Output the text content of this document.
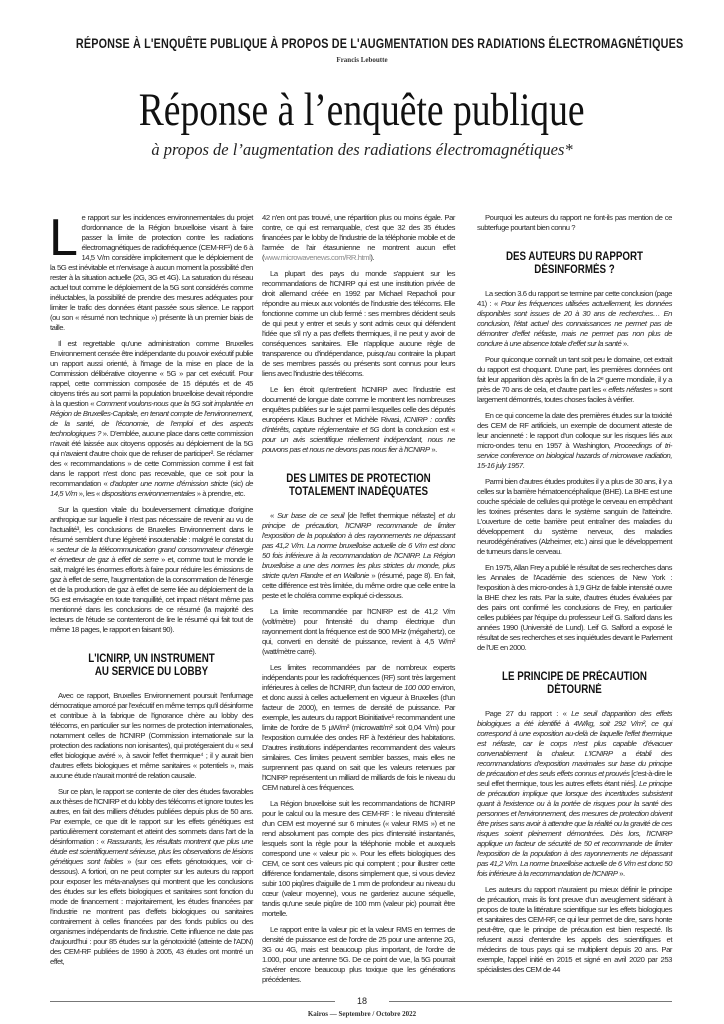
RÉPONSE À L'ENQUÊTE PUBLIQUE À PROPOS DE L'AUGMENTATION DES RADIATIONS ÉLECTROMAGNÉTIQUES
Francis Leboutte
Réponse à l’enquête publique
à propos de l’augmentation des radiations électromagnétiques*

Le rapport sur les incidences environnementales du projet d'ordonnance de la Région bruxelloise visant à faire passer la limite de protection contre les radiations électromagnétiques de radiofréquence (CEM-RF¹) de 6 à 14,5 V/m considère implicitement que le déploiement de la 5G est inévitable et n'envisage à aucun moment la possibilité d'en rester à la situation actuelle (2G, 3G et 4G). La saturation du réseau actuel tout comme le déploiement de la 5G sont considérés comme inéluctables, la possibilité de prendre des mesures adéquates pour limiter le trafic des données étant passée sous silence. Le rapport (ou son « résumé non technique ») présente là un premier biais de taille.

Il est regrettable qu'une administration comme Bruxelles Environnement censée être indépendante du pouvoir exécutif publie un rapport aussi orienté, à l'image de la mise en place de la Commission délibérative citoyenne « 5G » par cet exécutif. Pour rappel, cette commission composée de 15 députés et de 45 citoyens tirés au sort parmi la population bruxelloise devait répondre à la question « Comment voulons-nous que la 5G soit implantée en Région de Bruxelles-Capitale, en tenant compte de l'environnement, de la santé, de l'économie, de l'emploi et des aspects technologiques ? ». D'emblée, aucune place dans cette commission n'avait été laissée aux citoyens opposés au déploiement de la 5G qui n'avaient d'autre choix que de refuser de participer². Se réclamer des « recommandations » de cette Commission comme il est fait dans le rapport n'est donc pas recevable, que ce soit pour la recommandation « d'adopter une norme d'émission stricte (sic) de 14,5 V/m », les « dispositions environnementales » à prendre, etc.

Sur la question vitale du bouleversement climatique d'origine anthropique sur laquelle il n'est pas nécessaire de revenir au vu de l'actualité³, les conclusions de Bruxelles Environnement dans le résumé semblent d'une légèreté insoutenable : malgré le constat du « secteur de la télécommunication grand consommateur d'énergie et émetteur de gaz à effet de serre » et, comme tout le monde le sait, malgré les énormes efforts à faire pour réduire les émissions de gaz à effet de serre, l'augmentation de la consommation de l'énergie et de la production de gaz à effet de serre liée au déploiement de la 5G est envisagée en toute tranquillité, cet impact n'étant même pas mentionné dans les conclusions de ce résumé (la majorité des lecteurs de l'étude se contenteront de lire le résumé qui fait tout de même 18 pages, le rapport en faisant 90).

L'ICNIRP, UN INSTRUMENT
AU SERVICE DU LOBBY

Avec ce rapport, Bruxelles Environnement poursuit l'enfumage démocratique amorcé par l'exécutif en même temps qu'il désinforme et contribue à la fabrique de l'ignorance chère au lobby des télécoms, en particulier sur les normes de protection internationales, notamment celles de l'ICNIRP (Commission internationale sur la protection des radiations non ionisantes), qui protégeraient du « seul effet biologique avéré », à savoir l'effet thermique⁴ ; il y aurait bien d'autres effets biologiques et même sanitaires « potentiels », mais aucune étude n'aurait montré de relation causale.

Sur ce plan, le rapport se contente de citer des études favorables aux thèses de l'ICNIRP et du lobby des télécoms et ignore toutes les autres, en fait des milliers d'études publiées depuis plus de 50 ans. Par exemple, ce que dit le rapport sur les effets génétiques est particulièrement consternant et atteint des sommets dans l'art de la désinformation : « Rassurants, les résultats montrent que plus une étude est scientifiquement sérieuse, plus les observations de lésions génétiques sont faibles » (sur ces effets génotoxiques, voir ci-dessous). A fortiori, on ne peut compter sur les auteurs du rapport pour exposer les méta-analyses qui montrent que les conclusions des études sur les effets biologiques et sanitaires sont fonction du mode de financement : majoritairement, les études financées par l'industrie ne montrent pas d'effets biologiques ou sanitaires contrairement à celles financées par des fonds publics ou des organismes indépendants de l'industrie. Cette influence ne date pas d'aujourd'hui : pour 85 études sur la génotoxicité (atteinte de l'ADN) des CEM-RF publiées de 1990 à 2005, 43 études ont montré un effet,

42 n'en ont pas trouvé, une répartition plus ou moins égale. Par contre, ce qui est remarquable, c'est que 32 des 35 études financées par le lobby de l'industrie de la téléphonie mobile et de l'armée de l'air étasunienne ne montrent aucun effet (www.microwavenews.com/RR.html).

La plupart des pays du monde s'appuient sur les recommandations de l'ICNIRP qui est une institution privée de droit allemand créée en 1992 par Michael Repacholi pour répondre au mieux aux volontés de l'industrie des télécoms. Elle fonctionne comme un club fermé : ses membres décident seuls de qui peut y entrer et seuls y sont admis ceux qui défendent l'idée que s'il n'y a pas d'effets thermiques, il ne peut y avoir de conséquences sanitaires. Elle n'applique aucune règle de transparence ou d'indépendance, puisqu'au contraire la plupart de ses membres passés ou présents sont connus pour leurs liens avec l'industrie des télécoms.

Le lien étroit qu'entretient l'ICNIRP avec l'industrie est documenté de longue date comme le montrent les nombreuses enquêtes publiées sur le sujet parmi lesquelles celle des députés européens Klaus Buchner et Michèle Rivasi, ICNIRP : conflits d'intérêts, capture réglementaire et 5G dont la conclusion est « pour un avis scientifique réellement indépendant, nous ne pouvons pas et nous ne devons pas nous fier à l'ICNIRP ».

DES LIMITES DE PROTECTION
TOTALEMENT INADÉQUATES

« Sur base de ce seuil [de l'effet thermique néfaste] et du principe de précaution, l'ICNIRP recommande de limiter l'exposition de la population à des rayonnements ne dépassant pas 41,2 V/m. La norme bruxelloise actuelle de 6 V/m est donc 50 fois inférieure à la recommandation de l'ICNIRP. La Région bruxelloise a une des normes les plus strictes du monde, plus stricte qu'en Flandre et en Wallonie » (résumé, page 8). En fait, cette différence est très limitée, du même ordre que celle entre la peste et le choléra comme expliqué ci-dessous.

La limite recommandée par l'ICNIRP est de 41,2 V/m (volt/mètre) pour l'intensité du champ électrique d'un rayonnement dont la fréquence est de 900 MHz (mégahertz), ce qui, converti en densité de puissance, revient à 4,5 W/m² (watt/mètre carré).

Les limites recommandées par de nombreux experts indépendants pour les radiofréquences (RF) sont très largement inférieures à celles de l'ICNIRP, d'un facteur de 100 000 environ, et donc aussi à celles actuellement en vigueur à Bruxelles (d'un facteur de 2000), en termes de densité de puissance. Par exemple, les auteurs du rapport Bioinitiative⁵ recommandent une limite de l'ordre de 5 μW/m² (microwatt/m² soit 0,04 V/m) pour l'exposition cumulée des ondes RF à l'extérieur des habitations. D'autres institutions indépendantes recommandent des valeurs similaires. Ces limites peuvent sembler basses, mais elles ne surprennent pas quand on sait que les valeurs retenues par l'ICNIRP représentent un milliard de milliards de fois le niveau du CEM naturel à ces fréquences.

La Région bruxelloise suit les recommandations de l'ICNIRP pour le calcul ou la mesure des CEM-RF : le niveau d'intensité d'un CEM est moyenné sur 6 minutes (« valeur RMS ») et ne rend absolument pas compte des pics d'intensité instantanés, lesquels sont la règle pour la téléphonie mobile et auxquels correspond une « valeur pic ». Pour les effets biologiques des CEM, ce sont ces valeurs pic qui comptent ; pour illustrer cette différence fondamentale, disons simplement que, si vous deviez subir 100 piqûres d'aiguille de 1 mm de profondeur au niveau du cœur (valeur moyenne), vous ne garderiez aucune séquelle, tandis qu'une seule piqûre de 100 mm (valeur pic) pourrait être mortelle.

Le rapport entre la valeur pic et la valeur RMS en termes de densité de puissance est de l'ordre de 25 pour une antenne 2G, 3G ou 4G, mais est beaucoup plus important, de l'ordre de 1.000, pour une antenne 5G. De ce point de vue, la 5G pourrait s'avérer encore beaucoup plus toxique que les générations précédentes.

Pourquoi les auteurs du rapport ne font-ils pas mention de ce subterfuge pourtant bien connu ?

DES AUTEURS DU RAPPORT
DÉSINFORMÉS ?

La section 3.6 du rapport se termine par cette conclusion (page 41) : « Pour les fréquences utilisées actuellement, les données disponibles sont issues de 20 à 30 ans de recherches… En conclusion, l'état actuel des connaissances ne permet pas de démontrer d'effet néfaste, mais ne permet pas non plus de conclure à une absence totale d'effet sur la santé ».

Pour quiconque connaît un tant soit peu le domaine, cet extrait du rapport est choquant. D'une part, les premières données ont fait leur apparition dès après la fin de la 2ᵉ guerre mondiale, il y a près de 70 ans de cela, et d'autre part les « effets néfastes » sont largement démontrés, toutes choses faciles à vérifier.

En ce qui concerne la date des premières études sur la toxicité des CEM de RF artificiels, un exemple de document atteste de leur ancienneté : le rapport d'un colloque sur les risques liés aux micro-ondes tenu en 1957 à Washington, Proceedings of tri-service conference on biological hazards of microwave radiation, 15-16 july 1957.

Parmi bien d'autres études produites il y a plus de 30 ans, il y a celles sur la barrière hématoencéphalique (BHE). La BHE est une couche spéciale de cellules qui protège le cerveau en empêchant les toxines présentes dans le système sanguin de l'atteindre. L'ouverture de cette barrière peut entraîner des maladies du développement du système nerveux, des maladies neurodégénératives (Alzheimer, etc.) ainsi que le développement de tumeurs dans le cerveau.

En 1975, Allan Frey a publié le résultat de ses recherches dans les Annales de l'Académie des sciences de New York : l'exposition à des micro-ondes à 1,9 GHz de faible intensité ouvre la BHE chez les rats. Par la suite, d'autres études évaluées par des pairs ont confirmé les conclusions de Frey, en particulier celles publiées par l'équipe du professeur Leif G. Salford dans les années 1990 (Université de Lund). Leif G. Salford a exposé le résultat de ses recherches et ses inquiétudes devant le Parlement de l'UE en 2000.

LE PRINCIPE DE PRÉCAUTION
DÉTOURNÉ

Page 27 du rapport : « Le seuil d'apparition des effets biologiques a été identifié à 4W/kg, soit 292 V/m², ce qui correspond à une exposition au-delà de laquelle l'effet thermique est néfaste, car le corps n'est plus capable d'évacuer convenablement la chaleur. L'ICNIRP a établi des recommandations d'exposition maximales sur base du principe de précaution et des seuls effets connus et prouvés [c'est-à-dire le seul effet thermique, tous les autres effets étant niés]. Le principe de précaution implique que lorsque des incertitudes subsistent quant à l'existence ou à la portée de risques pour la santé des personnes et l'environnement, des mesures de protection doivent être prises sans avoir à attendre que la réalité ou la gravité de ces risques soient pleinement démontrées. Dès lors, l'ICNIRP applique un facteur de sécurité de 50 et recommande de limiter l'exposition de la population à des rayonnements ne dépassant pas 41,2 V/m. La norme bruxelloise actuelle de 6 V/m est donc 50 fois inférieure à la recommandation de l'ICNIRP ».

Les auteurs du rapport n'auraient pu mieux définir le principe de précaution, mais ils font preuve d'un aveuglement sidérant à propos de toute la littérature scientifique sur les effets biologiques et sanitaires des CEM-RF, ce qui leur permet de dire, sans honte peut-être, que le principe de précaution est bien respecté. Ils refusent aussi d'entendre les appels des scientifiques et médecins de tous pays qui se multiplient depuis 20 ans. Par exemple, l'appel initié en 2015 et signé en avril 2020 par 253 spécialistes des CEM de 44

18
Kairos — Septembre / Octobre 2022
